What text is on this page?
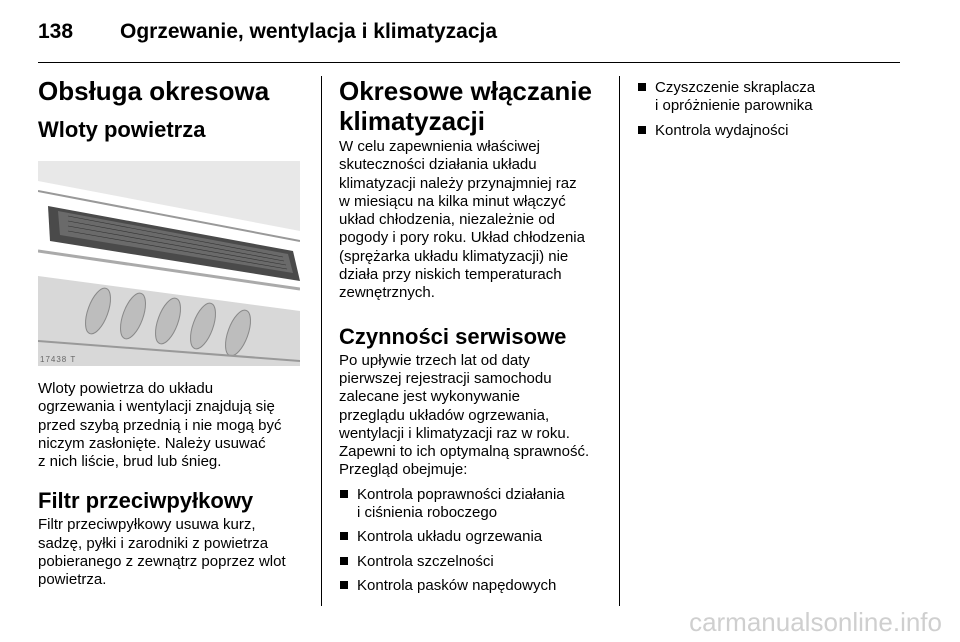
138 Ogrzewanie, wentylacja i klimatyzacja
Obsługa okresowa
Wloty powietrza
17438 T

Wloty powietrza do układu

ogrzewania i wentylacji znajdują się

przed szybą przednią i nie mogą być

niczym zasłonięte. Należy usuwać

z nich liście, brud lub śnieg.

Filtr przeciwpyłkowy

Filtr przeciwpyłkowy usuwa kurz,

sadzę, pyłki i zarodniki z powietrza

pobieranego z zewnątrz poprzez wlot

powietrza.

Okresowe włączanie
klimatyzacji

W celu zapewnienia właściwej

skuteczności działania układu

klimatyzacji należy przynajmniej raz

w miesiącu na kilka minut włączyć

układ chłodzenia, niezależnie od

pogody i pory roku. Układ chłodzenia

(sprężarka układu klimatyzacji) nie

działa przy niskich temperaturach

zewnętrznych.

Czynności serwisowe

Po upływie trzech lat od daty

pierwszej rejestracji samochodu

zalecane jest wykonywanie

przeglądu układów ogrzewania,

wentylacji i klimatyzacji raz w roku.

Zapewni to ich optymalną sprawność.

Przegląd obejmuje:

Kontrola poprawności działania
i ciśnienia roboczego
Kontrola układu ogrzewania
Kontrola szczelności
Kontrola pasków napędowych
Czyszczenie skraplacza
i opróżnienie parownika
Kontrola wydajności
carmanualsonline.info
